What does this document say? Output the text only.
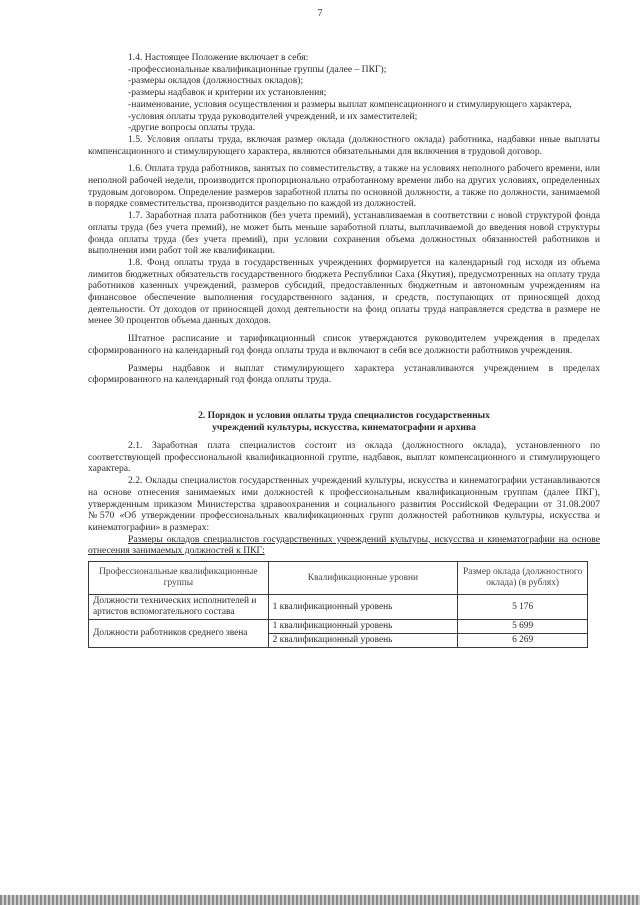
7

1.4. Настоящее Положение включает в себя:

-профессиональные квалификационные группы (далее – ПКГ);

-размеры окладов (должностных окладов);

-размеры надбавок и критерии их установления;

-наименование, условия осуществления и размеры выплат компенсационного и стимулирующего характера,

-условия оплаты труда руководителей учреждений, и их заместителей;

-другие вопросы оплаты труда.

1.5. Условия оплаты труда, включая размер оклада (должностного оклада) работника, надбавки иные выплаты компенсационного и стимулирующего характера, являются обязательными для включения в трудовой договор.

1.6. Оплата труда работников, занятых по совместительству, а также на условиях неполного рабочего времени, или неполной рабочей недели, производится пропорционально отработанному времени либо на других условиях, определенных трудовым договором. Определение размеров заработной платы по основной должности, а также по должности, занимаемой в порядке совместительства, производится раздельно по каждой из должностей.

1.7. Заработная плата работников (без учета премий), устанавливаемая в соответствии с новой структурой фонда оплаты труда (без учета премий), не может быть меньше заработной платы, выплачиваемой до введения новой структуры фонда оплаты труда (без учета премий), при условии сохранения объема должностных обязанностей работников и выполнения ими работ той же квалификации.

1.8. Фонд оплаты труда в государственных учреждениях формируется на календарный год исходя из объема лимитов бюджетных обязательств государственного бюджета Республики Саха (Якутия), предусмотренных на оплату труда работников казенных учреждений, размеров субсидий, предоставленных бюджетным и автономным учреждениям на финансовое обеспечение выполнения государственного задания, и средств, поступающих от приносящей доход деятельности. От доходов от приносящей доход деятельности на фонд оплаты труда направляется средства в размере не менее 30 процентов объема данных доходов.

Штатное расписание и тарификационный список утверждаются руководителем учреждения в пределах сформированного на календарный год фонда оплаты труда и включают в себя все должности работников учреждения.

Размеры надбавок и выплат стимулирующего характера устанавливаются учреждением в пределах сформированного на календарный год фонда оплаты труда.

2. Порядок и условия оплаты труда специалистов государственных

учреждений культуры, искусства, кинематографии и архива

2.1. Заработная плата специалистов состоит из оклада (должностного оклада), установленного по соответствующей профессиональной квалификационной группе, надбавок, выплат компенсационного и стимулирующего характера.

2.2. Оклады специалистов государственных учреждений культуры, искусства и кинематографии устанавливаются на основе отнесения занимаемых ими должностей к профессиональным квалификационным группам (далее ПКГ), утвержденным приказом Министерства здравоохранения и социального развития Российской Федерации от 31.08.2007 №570 «Об утверждении профессиональных квалификационных групп должностей работников культуры, искусства и кинематографии» в размерах:

Размеры окладов специалистов государственных учреждений культуры, искусства и кинематографии на основе отнесения занимаемых должностей к ПКГ:

Профессиональные квалификационные группы	Квалификационные уровни	Размер оклада (должностного оклада) (в рублях)
Должности технических исполнителей и артистов вспомогательного состава	1 квалификационный уровень	5 176
Должности работников среднего звена	1 квалификационный уровень	5 699
	2 квалификационный уровень	6 269
